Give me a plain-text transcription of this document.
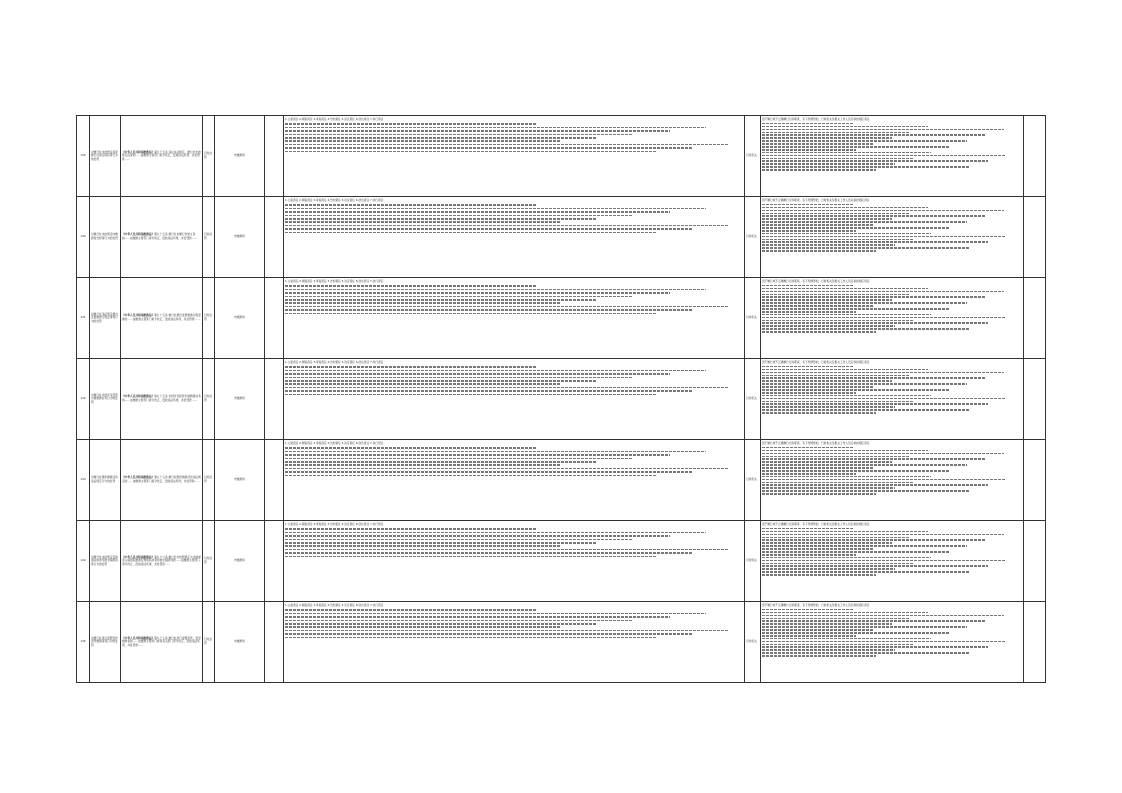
139	对旅行社未按规定投保旅行社责任保险等行为的处罚	《中华人民共和国旅游法》第九十五条 违反本法规定，旅行社未按规定投保的……由旅游主管部门责令改正，没收违法所得，并处罚款……	行政处罚	市旅游局		1.立案责任 2.调查责任 3.审查责任 4.告知责任 5.决定责任 6.送达责任 7.执行责任	行政机关	因不履行或不正确履行行政职责，有下列情形的，行政机关及相关工作人员应承担相应责任

140	对旅行社未按规定向旅游者告知等行为的处罚	《中华人民共和国旅游法》第九十五条 旅行社未履行告知义务的……由旅游主管部门责令改正，没收违法所得，并处罚款……	行政处罚	市旅游局		1.立案责任 2.调查责任 3.审查责任 4.告知责任 5.决定责任 6.送达责任 7.执行责任	行政机关	因不履行或不正确履行行政职责，有下列情形的，行政机关及相关工作人员应承担相应责任

141	对旅行社违反规定擅自变更旅游行程安排等行为的处罚	《中华人民共和国旅游法》第九十五条 旅行社擅自变更旅游行程安排的……由旅游主管部门责令改正，没收违法所得，并处罚款……	行政处罚	市旅游局		1.立案责任 2.调查责任 3.审查责任 4.告知责任 5.决定责任 6.送达责任 7.执行责任	行政机关	因不履行或不正确履行行政职责，有下列情形的，行政机关及相关工作人员应承担相应责任

142	对旅行社未经许可经营出境旅游业务行为的处罚	《中华人民共和国旅游法》第九十五条 未经许可经营出境旅游业务的……由旅游主管部门责令改正，没收违法所得，并处罚款……	行政处罚	市旅游局		1.立案责任 2.调查责任 3.审查责任 4.告知责任 5.决定责任 6.送达责任 7.执行责任	行政机关	因不履行或不正确履行行政职责，有下列情形的，行政机关及相关工作人员应承担相应责任

143	对旅行社组织旅游活动违反规定行为的处罚	《中华人民共和国旅游法》第九十五条 旅行社组织旅游活动违反规定的……由旅游主管部门责令改正，没收违法所得，并处罚款……	行政处罚	市旅游局		1.立案责任 2.调查责任 3.审查责任 4.告知责任 5.决定责任 6.送达责任 7.执行责任	行政机关	因不履行或不正确履行行政职责，有下列情形的，行政机关及相关工作人员应承担相应责任

144	对旅行社未按规定安排领队或者导游全程陪同等行为的处罚	《中华人民共和国旅游法》第九十六条 旅行社未按照规定为出境或者入境团队旅游安排领队或者导游全程陪同的……由旅游主管部门责令改正，没收违法所得，并处罚款……	行政处罚	市旅游局		1.立案责任 2.调查责任 3.审查责任 4.告知责任 5.决定责任 6.送达责任 7.执行责任	行政机关	因不履行或不正确履行行政职责，有下列情形的，行政机关及相关工作人员应承担相应责任

145	对旅行社进行虚假宣传误导旅游者等行为的处罚	《中华人民共和国旅游法》第九十七条 旅行社进行虚假宣传，误导旅游者的……由旅游主管部门或者有关部门责令改正，没收违法所得，并处罚款……	行政处罚	市旅游局		1.立案责任 2.调查责任 3.审查责任 4.告知责任 5.决定责任 6.送达责任 7.执行责任	行政机关	因不履行或不正确履行行政职责，有下列情形的，行政机关及相关工作人员应承担相应责任
